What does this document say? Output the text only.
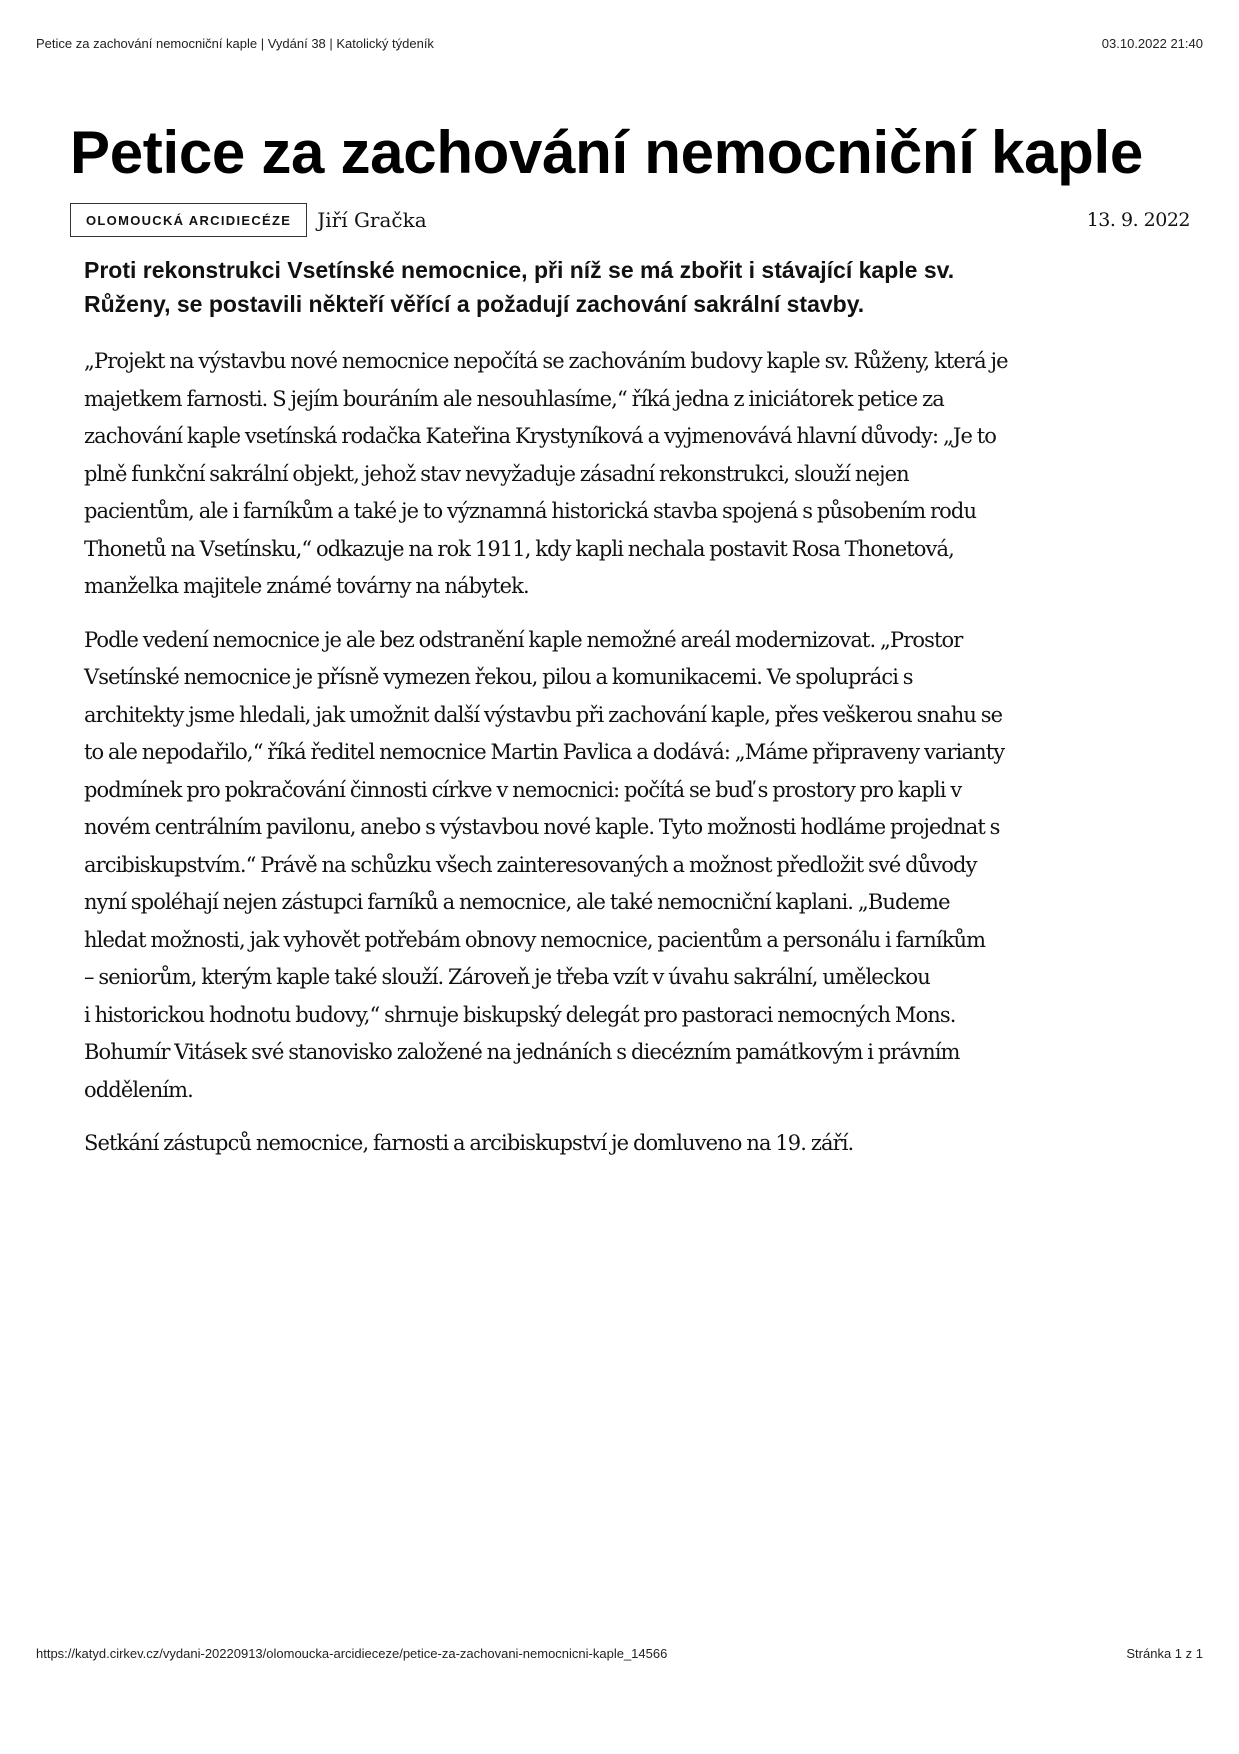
Petice za zachování nemocniční kaple | Vydání 38 | Katolický týdeník	03.10.2022 21:40
Petice za zachování nemocniční kaple
OLOMOUCKÁ ARCIDIECÉZE	Jiří Gračka	13. 9. 2022
Proti rekonstrukci Vsetínské nemocnice, při níž se má zbořit i stávající kaple sv.
Růženy, se postavili někteří věřící a požadují zachování sakrální stavby.

„Projekt na výstavbu nové nemocnice nepočítá se zachováním budovy kaple sv. Růženy, která je
majetkem farnosti. S jejím bouráním ale nesouhlasíme,“ říká jedna z iniciátorek petice za
zachování kaple vsetínská rodačka Kateřina Krystyníková a vyjmenovává hlavní důvody: „Je to
plně funkční sakrální objekt, jehož stav nevyžaduje zásadní rekonstrukci, slouží nejen
pacientům, ale i farníkům a také je to významná historická stavba spojená s působením rodu
Thonetů na Vsetínsku,“ odkazuje na rok 1911, kdy kapli nechala postavit Rosa Thonetová,
manželka majitele známé továrny na nábytek.

Podle vedení nemocnice je ale bez odstranění kaple nemožné areál modernizovat. „Prostor
Vsetínské nemocnice je přísně vymezen řekou, pilou a komunikacemi. Ve spolupráci s
architekty jsme hledali, jak umožnit další výstavbu při zachování kaple, přes veškerou snahu se
to ale nepodařilo,“ říká ředitel nemocnice Martin Pavlica a dodává: „Máme připraveny varianty
podmínek pro pokračování činnosti církve v nemocnici: počítá se buď s prostory pro kapli v
novém centrálním pavilonu, anebo s výstavbou nové kaple. Tyto možnosti hodláme projednat s
arcibiskupstvím.“ Právě na schůzku všech zainteresovaných a možnost předložit své důvody
nyní spoléhají nejen zástupci farníků a nemocnice, ale také nemocniční kaplani. „Budeme
hledat možnosti, jak vyhovět potřebám obnovy nemocnice, pacientům a personálu i farníkům
– seniorům, kterým kaple také slouží. Zároveň je třeba vzít v úvahu sakrální, uměleckou
i historickou hodnotu budovy,“ shrnuje biskupský delegát pro pastoraci nemocných Mons.
Bohumír Vitásek své stanovisko založené na jednáních s diecézním památkovým i právním
oddělením.

Setkání zástupců nemocnice, farnosti a arcibiskupství je domluveno na 19. září.

https://katyd.cirkev.cz/vydani-20220913/olomoucka-arcidieceze/petice-za-zachovani-nemocnicni-kaple_14566	Stránka 1 z 1
